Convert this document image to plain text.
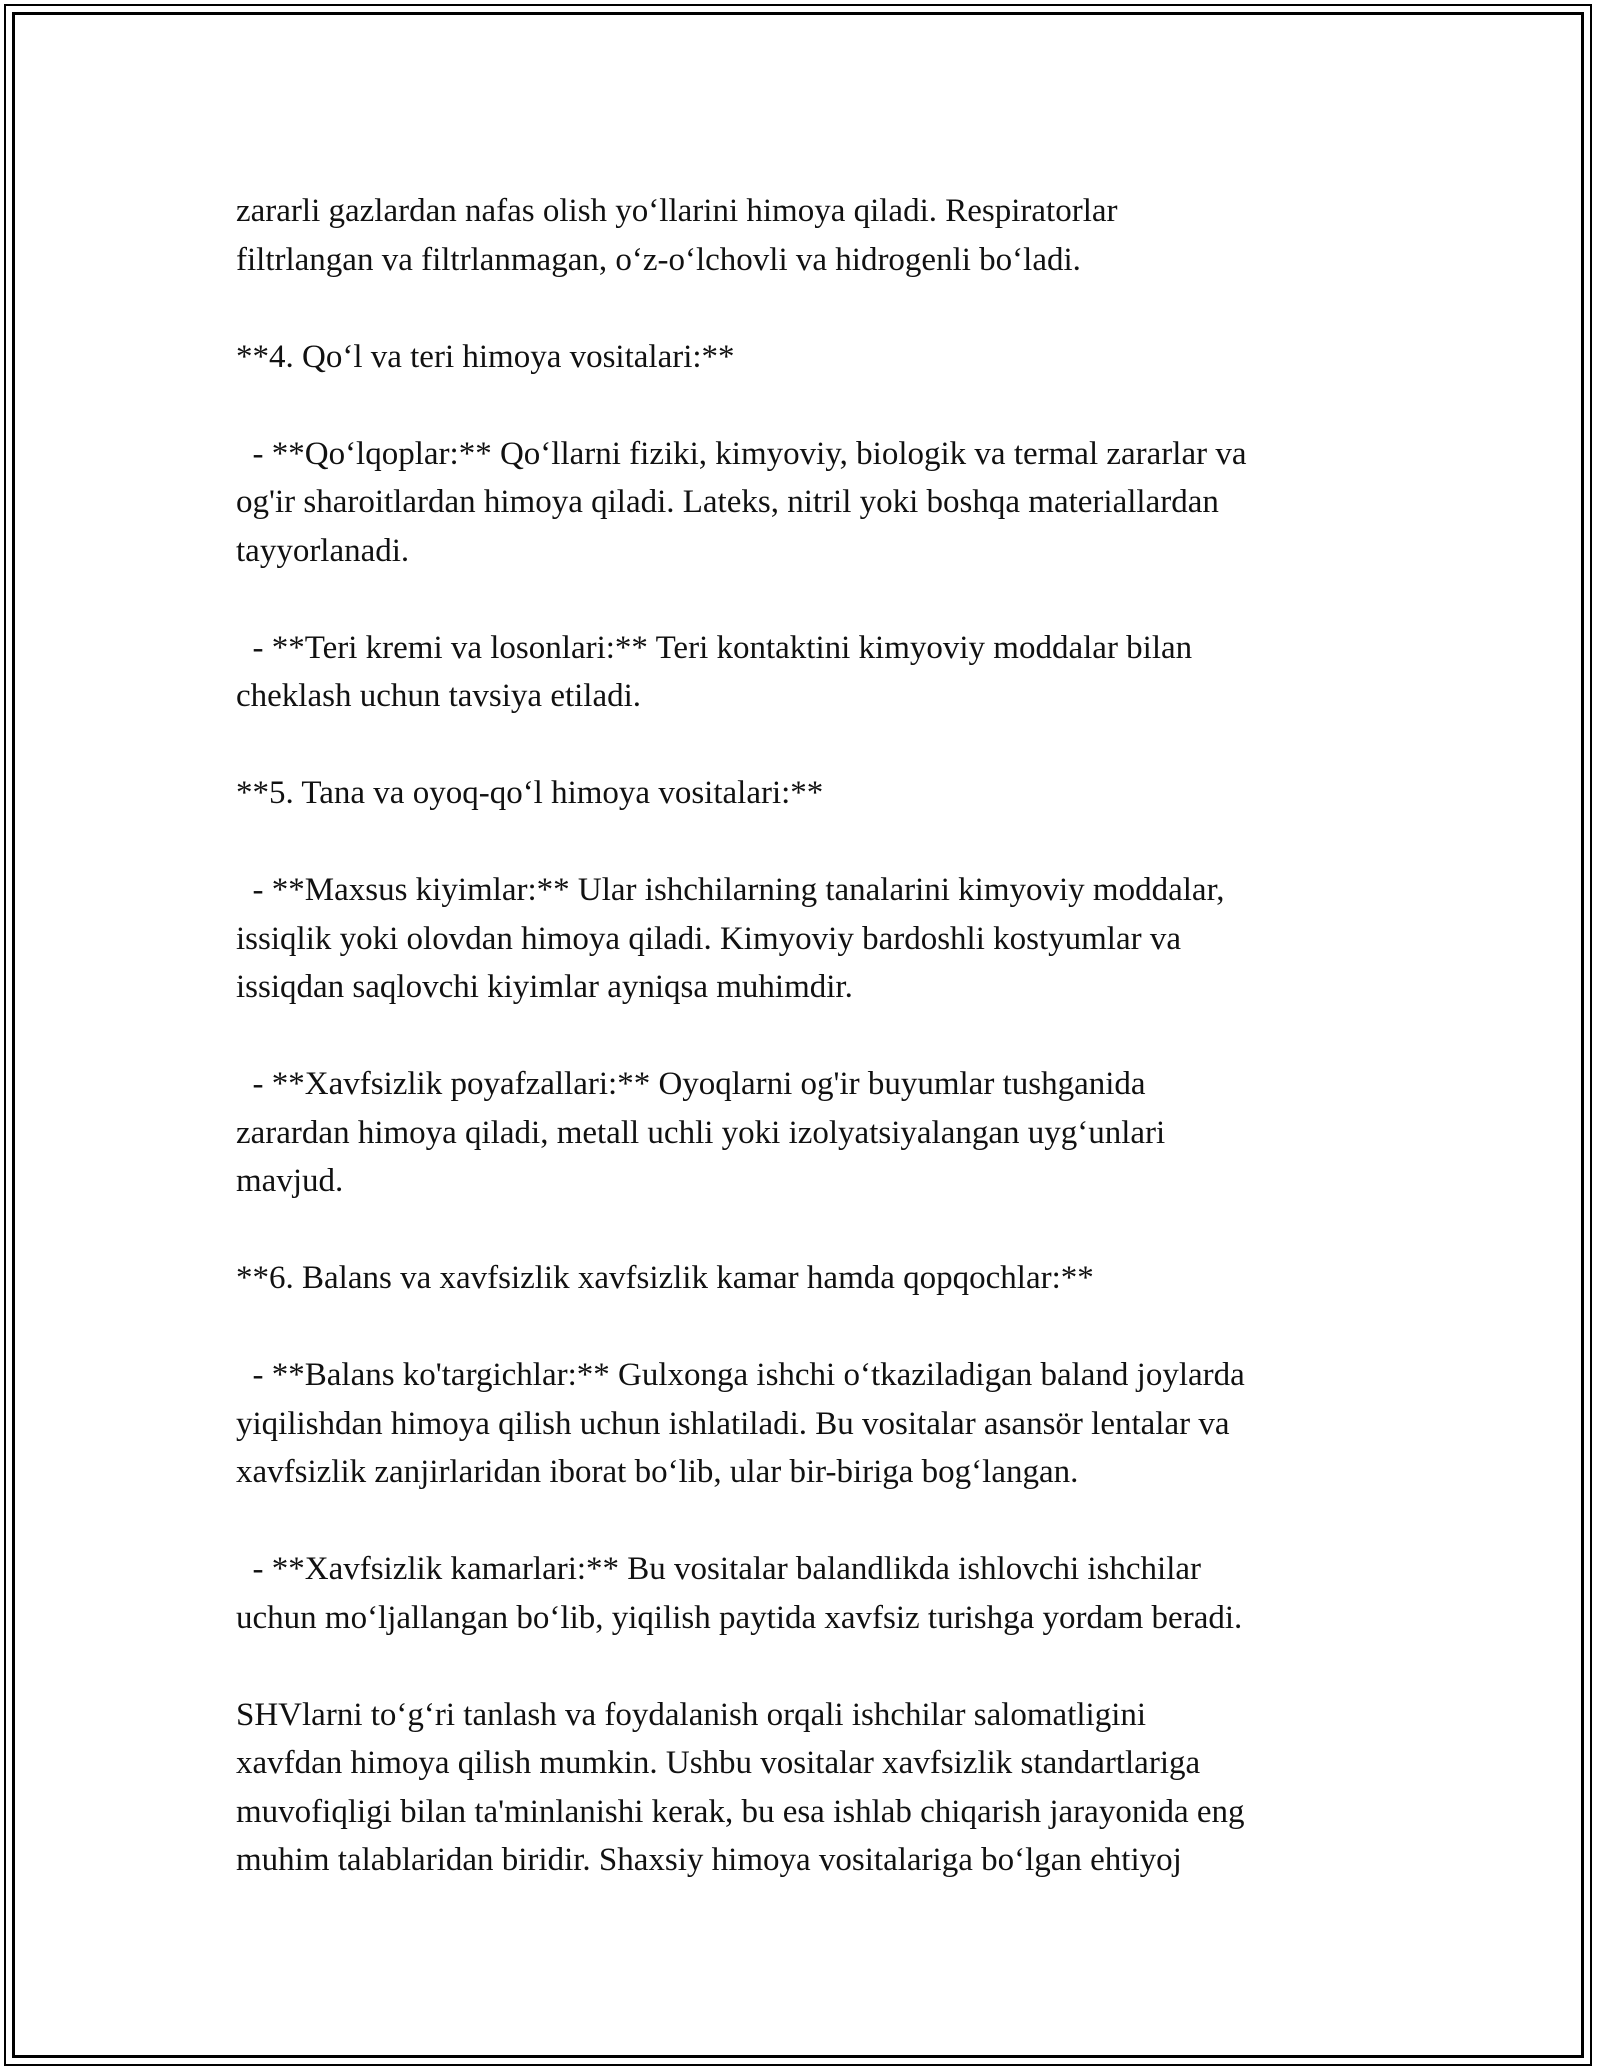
zararli gazlardan nafas olish yo‘llarini himoya qiladi. Respiratorlar
filtrlangan va filtrlanmagan, o‘z-o‘lchovli va hidrogenli bo‘ladi.

**4. Qo‘l va teri himoya vositalari:**

- **Qo‘lqoplar:** Qo‘llarni fiziki, kimyoviy, biologik va termal zararlar va
og'ir sharoitlardan himoya qiladi. Lateks, nitril yoki boshqa materiallardan
tayyorlanadi.

- **Teri kremi va losonlari:** Teri kontaktini kimyoviy moddalar bilan
cheklash uchun tavsiya etiladi.

**5. Tana va oyoq-qo‘l himoya vositalari:**

- **Maxsus kiyimlar:** Ular ishchilarning tanalarini kimyoviy moddalar,
issiqlik yoki olovdan himoya qiladi. Kimyoviy bardoshli kostyumlar va
issiqdan saqlovchi kiyimlar ayniqsa muhimdir.

- **Xavfsizlik poyafzallari:** Oyoqlarni og'ir buyumlar tushganida
zarardan himoya qiladi, metall uchli yoki izolyatsiyalangan uyg‘unlari
mavjud.

**6. Balans va xavfsizlik xavfsizlik kamar hamda qopqochlar:**

- **Balans ko'targichlar:** Gulxonga ishchi o‘tkaziladigan baland joylarda
yiqilishdan himoya qilish uchun ishlatiladi. Bu vositalar asansör lentalar va
xavfsizlik zanjirlaridan iborat bo‘lib, ular bir-biriga bog‘langan.

- **Xavfsizlik kamarlari:** Bu vositalar balandlikda ishlovchi ishchilar
uchun mo‘ljallangan bo‘lib, yiqilish paytida xavfsiz turishga yordam beradi.

SHVlarni to‘g‘ri tanlash va foydalanish orqali ishchilar salomatligini
xavfdan himoya qilish mumkin. Ushbu vositalar xavfsizlik standartlariga
muvofiqligi bilan ta'minlanishi kerak, bu esa ishlab chiqarish jarayonida eng
muhim talablaridan biridir. Shaxsiy himoya vositalariga bo‘lgan ehtiyoj
